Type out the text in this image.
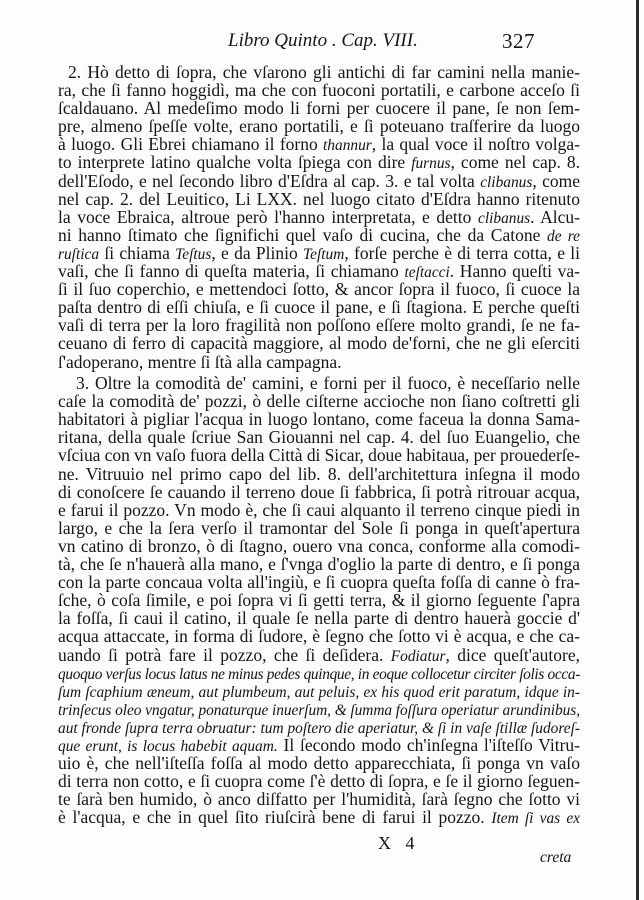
Libro Quinto . Cap. VIII.	327
2. Hò detto di ſopra, che vſarono gli antichi di far camini nella manie-
ra, che ſi fanno hoggidì, ma che con fuoconi portatili, e carbone acceſo ſi
ſcaldauano. Al medeſimo modo li forni per cuocere il pane, ſe non ſem-
pre, almeno ſpeſſe volte, erano portatili, e ſi poteuano traſferire da luogo
à luogo. Gli Ebrei chiamano il forno thannur, la qual voce il noſtro volga-
to interprete latino qualche volta ſpiega con dire furnus, come nel cap. 8.
dell'Eſodo, e nel ſecondo libro d'Eſdra al cap. 3. e tal volta clibanus, come
nel cap. 2. del Leuitico, Li LXX. nel luogo citato d'Eſdra hanno ritenuto
la voce Ebraica, altroue però l'hanno interpretata, e detto clibanus. Alcu-
ni hanno ſtimato che ſignifichi quel vaſo di cucina, che da Catone de re
ruſtica ſi chiama Teſtus, e da Plinio Teſtum, forſe perche è di terra cotta, e li
vaſi, che ſi fanno di queſta materia, ſi chiamano teſtacci. Hanno queſti va-
ſi il ſuo coperchio, e mettendoci ſotto, & ancor ſopra il fuoco, ſi cuoce la
paſta dentro di eſſi chiuſa, e ſi cuoce il pane, e ſi ſtagiona. E perche queſti
vaſi di terra per la loro fragilità non poſſono eſſere molto grandi, ſe ne fa-
ceuano di ferro di capacità maggiore, al modo de'forni, che ne gli eſerciti
ſ'adoperano, mentre ſi ſtà alla campagna.
3. Oltre la comodità de' camini, e forni per il fuoco, è neceſſario nelle
caſe la comodità de' pozzi, ò delle ciſterne accioche non ſiano coſtretti gli
habitatori à pigliar l'acqua in luogo lontano, come faceua la donna Sama-
ritana, della quale ſcriue San Giouanni nel cap. 4. del ſuo Euangelio, che
vſciua con vn vaſo fuora della Città di Sicar, doue habitaua, per prouederſe-
ne. Vitruuio nel primo capo del lib. 8. dell'architettura inſegna il modo
di conoſcere ſe cauando il terreno doue ſi fabbrica, ſi potrà ritrouar acqua,
e farui il pozzo. Vn modo è, che ſi caui alquanto il terreno cinque piedi in
largo, e che la ſera verſo il tramontar del Sole ſi ponga in queſt'apertura
vn catino di bronzo, ò di ſtagno, ouero vna conca, conforme alla comodi-
tà, che ſe n'hauerà alla mano, e ſ'vnga d'oglio la parte di dentro, e ſi ponga
con la parte concaua volta all'ingiù, e ſi cuopra queſta foſſa di canne ò fra-
ſche, ò coſa ſimile, e poi ſopra vi ſi getti terra, & il giorno ſeguente ſ'apra
la foſſa, ſi caui il catino, il quale ſe nella parte di dentro hauerà goccie d'
acqua attaccate, in forma di ſudore, è ſegno che ſotto vi è acqua, e che ca-
uando ſi potrà fare il pozzo, che ſi deſidera. Fodiatur, dice queſt'autore,
quoquo verſus locus latus ne minus pedes quinque, in eoque collocetur circiter ſolis occa-
ſum ſcaphium æneum, aut plumbeum, aut peluis, ex his quod erit paratum, idque in-
trinſecus oleo vngatur, ponaturque inuerſum, & ſumma foſſura operiatur arundinibus,
aut fronde ſupra terra obruatur: tum poſtero die aperiatur, & ſi in vaſe ſtillæ ſudoreſ-
que erunt, is locus habebit aquam. Il ſecondo modo ch'inſegna l'iſteſſo Vitru-
uio è, che nell'iſteſſa foſſa al modo detto apparecchiata, ſi ponga vn vaſo
di terra non cotto, e ſi cuopra come ſ'è detto di ſopra, e ſe il giorno ſeguen-
te ſarà ben humido, ò anco diſfatto per l'humidità, ſarà ſegno che ſotto vi
è l'acqua, e che in quel ſito riuſcirà bene di farui il pozzo. Item ſi vas ex
X 4
creta
